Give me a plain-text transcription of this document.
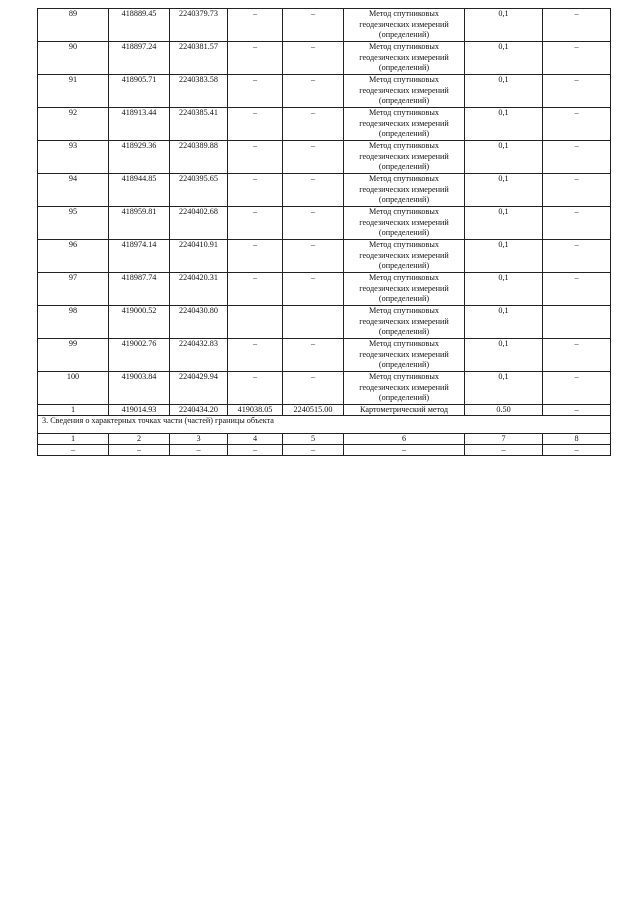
89	418889.45	2240379.73	–	–	Метод спутниковых геодезических измерений (определений)	0,1	–
90	418897.24	2240381.57	–	–	Метод спутниковых геодезических измерений (определений)	0,1	–
91	418905.71	2240383.58	–	–	Метод спутниковых геодезических измерений (определений)	0,1	–
92	418913.44	2240385.41	–	–	Метод спутниковых геодезических измерений (определений)	0,1	–
93	418929.36	2240389.88	–	–	Метод спутниковых геодезических измерений (определений)	0,1	–
94	418944.85	2240395.65	–	–	Метод спутниковых геодезических измерений (определений)	0,1	–
95	418959.81	2240402.68	–	–	Метод спутниковых геодезических измерений (определений)	0,1	–
96	418974.14	2240410.91	–	–	Метод спутниковых геодезических измерений (определений)	0,1	–
97	418987.74	2240420.31	–	–	Метод спутниковых геодезических измерений (определений)	0,1	–
98	419000.52	2240430.80			Метод спутниковых геодезических измерений (определений)	0,1	
99	419002.76	2240432.83	–	–	Метод спутниковых геодезических измерений (определений)	0,1	–
100	419003.84	2240429.94	–	–	Метод спутниковых геодезических измерений (определений)	0,1	–
1	419014.93	2240434.20	419038.05	2240515.00	Картометрический метод	0.50	–
3. Сведения о характерных точках части (частей) границы объекта							
1	2	3	4	5	6	7	8
–	–	–	–	–	–	–	–
